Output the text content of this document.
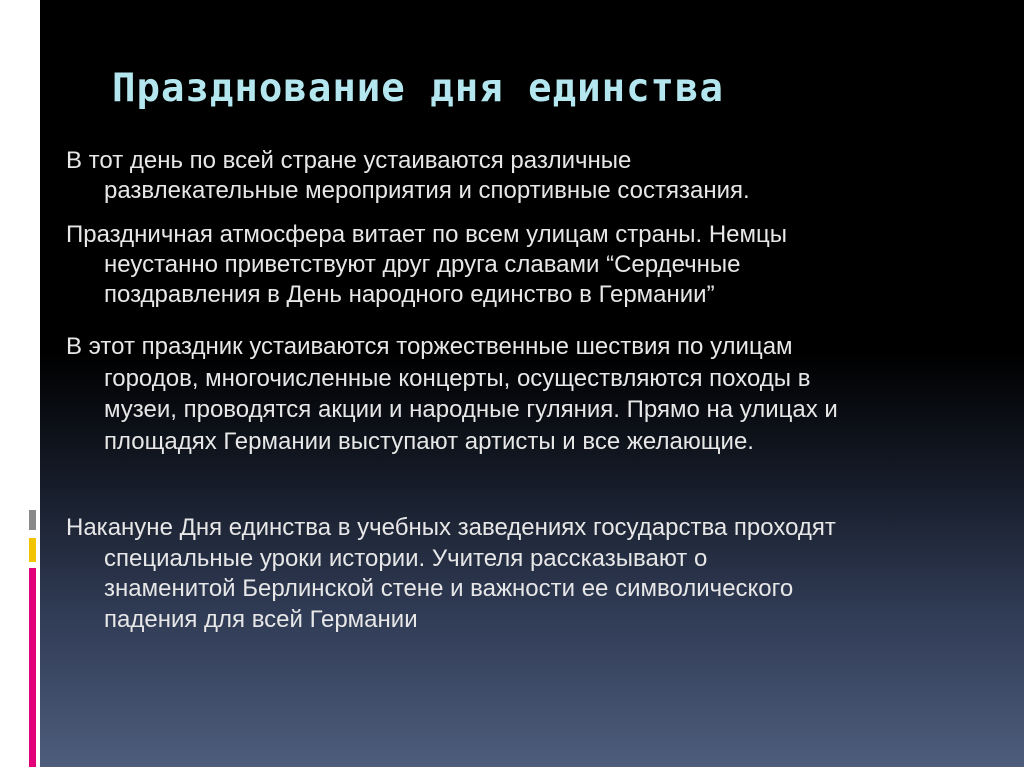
Празднование дня единства
В тот день по всей стране устаиваются различные развлекательные мероприятия и спортивные состязания.
Праздничная атмосфера витает по всем улицам страны. Немцы неустанно приветствуют друг друга славами “Сердечные поздравления в День народного единство в Германии”
В этот праздник устаиваются торжественные шествия по улицам городов, многочисленные концерты, осуществляются походы в музеи, проводятся акции и народные гуляния. Прямо на улицах и площадях Германии выступают артисты и все желающие.
Накануне Дня единства в учебных заведениях государства проходят специальные уроки истории. Учителя рассказывают о знаменитой Берлинской стене и важности ее символического падения для всей Германии
